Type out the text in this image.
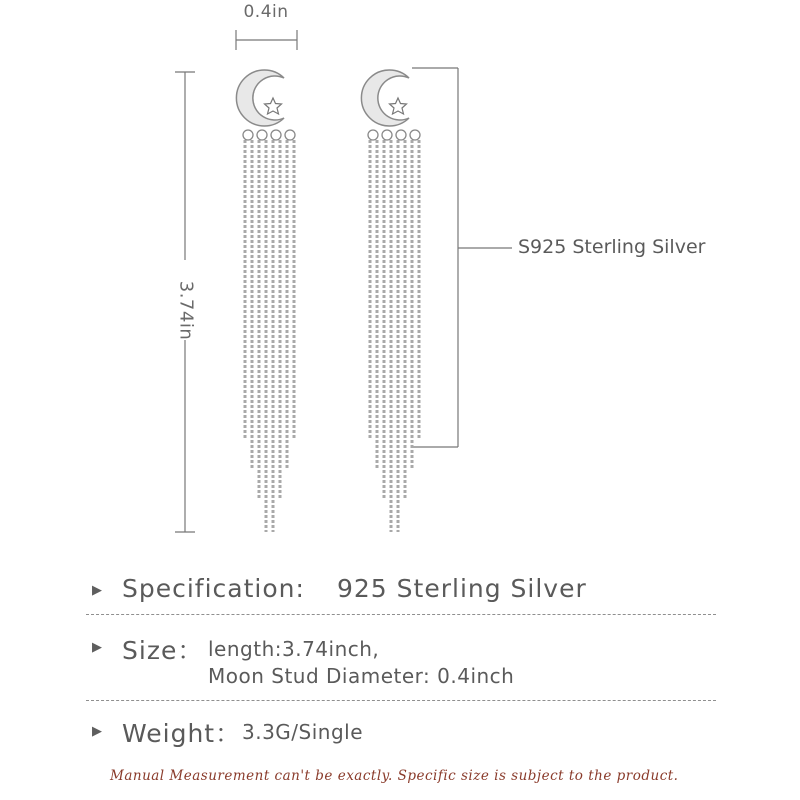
0.4in
3.74in
S925 Sterling Silver
▶ Specification: 925 Sterling Silver
▶ Size： length:3.74inch,
Moon Stud Diameter: 0.4inch
▶ Weight： 3.3G/Single
Manual Measurement can't be exactly. Specific size is subject to the product.
